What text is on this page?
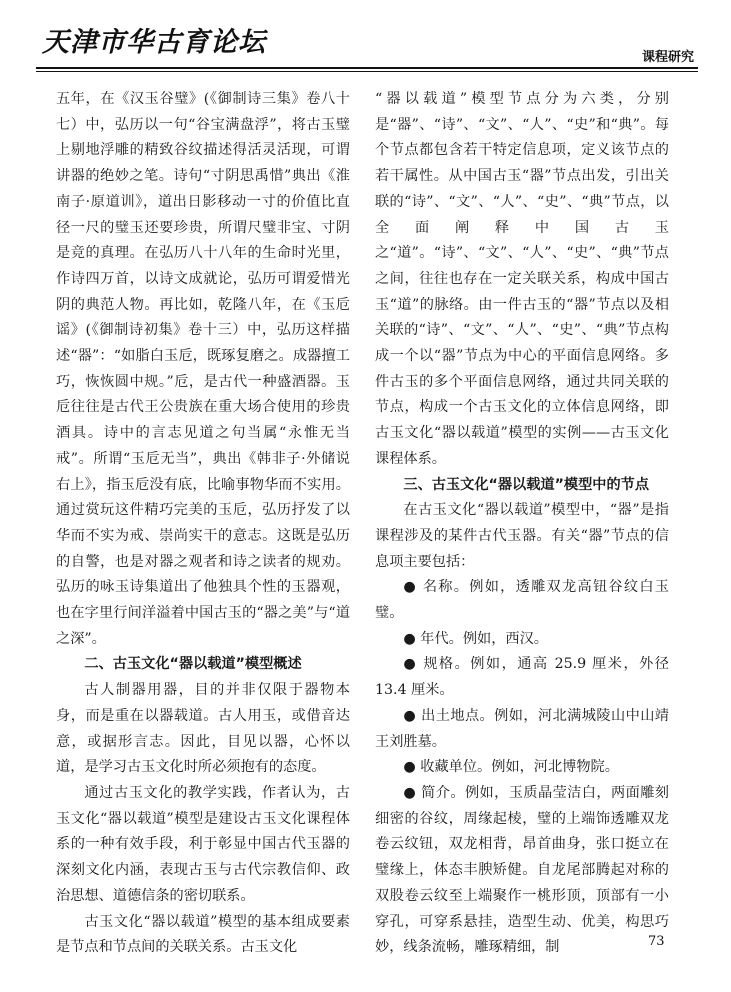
天津市华古育论坛	课程研究

五年，在《汉玉谷璧》(《御制诗三集》卷八十七）中，弘历以一句“谷宝满盘浮”，将古玉璧上剔地浮雕的精致谷纹描述得活灵活现，可谓讲器的绝妙之笔。诗句“寸阴思禹惜”典出《淮南子·原道训》，道出日影移动一寸的价值比直径一尺的璧玉还要珍贵，所谓尺璧非宝、寸阴是竞的真理。在弘历八十八年的生命时光里，作诗四万首，以诗文成就论，弘历可谓爱惜光阴的典范人物。再比如，乾隆八年，在《玉卮谣》(《御制诗初集》卷十三）中，弘历这样描述“器”：“如脂白玉卮，既琢复磨之。成器擅工巧，恢恢圆中规。”卮，是古代一种盛酒器。玉卮往往是古代王公贵族在重大场合使用的珍贵酒具。诗中的言志见道之句当属“永惟无当戒”。所谓“玉卮无当”，典出《韩非子·外储说右上》，指玉卮没有底，比喻事物华而不实用。通过赏玩这件精巧完美的玉卮，弘历抒发了以华而不实为戒、崇尚实干的意志。这既是弘历的自警，也是对器之观者和诗之读者的规劝。弘历的咏玉诗集道出了他独具个性的玉器观，也在字里行间洋溢着中国古玉的“器之美”与“道之深”。

二、古玉文化“器以载道”模型概述

古人制器用器，目的并非仅限于器物本身，而是重在以器载道。古人用玉，或借音达意，或据形言志。因此，目见以器，心怀以道，是学习古玉文化时所必须抱有的态度。

通过古玉文化的教学实践，作者认为，古玉文化“器以载道”模型是建设古玉文化课程体系的一种有效手段，利于彰显中国古代玉器的深刻文化内涵，表现古玉与古代宗教信仰、政治思想、道德信条的密切联系。

古玉文化“器以载道”模型的基本组成要素是节点和节点间的关联关系。古玉文化

“器以载道”模型节点分为六类，分别是“器”、“诗”、“文”、“人”、“史”和“典”。每个节点都包含若干特定信息项，定义该节点的若干属性。从中国古玉“器”节点出发，引出关联的“诗”、“文”、“人”、“史”、“典”节点，以全面阐释中国古玉之“道”。“诗”、“文”、“人”、“史”、“典”节点之间，往往也存在一定关联关系，构成中国古玉“道”的脉络。由一件古玉的“器”节点以及相关联的“诗”、“文”、“人”、“史”、“典”节点构成一个以“器”节点为中心的平面信息网络。多件古玉的多个平面信息网络，通过共同关联的节点，构成一个古玉文化的立体信息网络，即古玉文化“器以载道”模型的实例——古玉文化课程体系。

三、古玉文化“器以载道”模型中的节点

在古玉文化“器以载道”模型中，“器”是指课程涉及的某件古代玉器。有关“器”节点的信息项主要包括：

● 名称。例如，透雕双龙高钮谷纹白玉璧。

● 年代。例如，西汉。

● 规格。例如，通高 25.9 厘米，外径 13.4 厘米。

● 出土地点。例如，河北满城陵山中山靖王刘胜墓。

● 收藏单位。例如，河北博物院。

● 简介。例如，玉质晶莹洁白，两面雕刻细密的谷纹，周缘起棱，璧的上端饰透雕双龙卷云纹钮，双龙相背，昂首曲身，张口挺立在璧缘上，体态丰腴矫健。自龙尾部腾起对称的双股卷云纹至上端聚作一桃形顶，顶部有一小穿孔，可穿系悬挂，造型生动、优美，构思巧妙，线条流畅，雕琢精细，制	73
